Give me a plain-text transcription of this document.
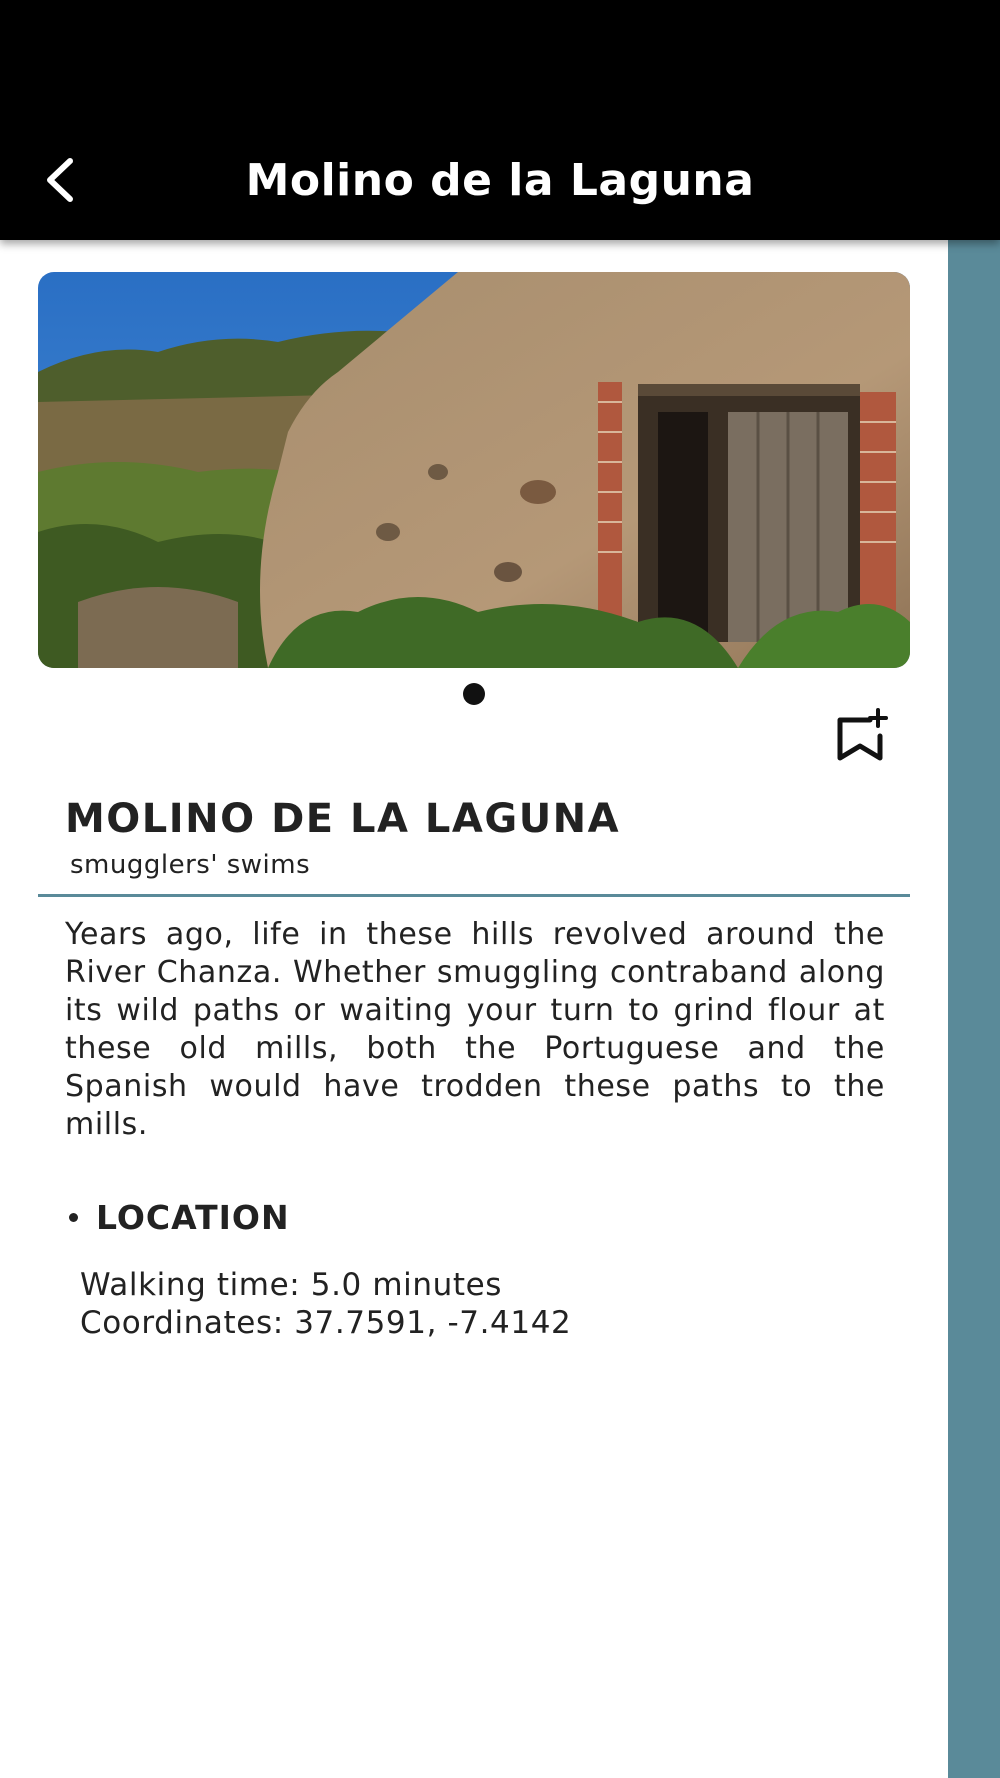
Molino de la Laguna
MOLINO DE LA LAGUNA
smugglers' swims
Years ago, life in these hills revolved around the River Chanza. Whether smuggling contraband along its wild paths or waiting your turn to grind flour at these old mills, both the Portuguese and the Spanish would have trodden these paths to the mills.
LOCATION
Walking time: 5.0 minutes
Coordinates: 37.7591, -7.4142
